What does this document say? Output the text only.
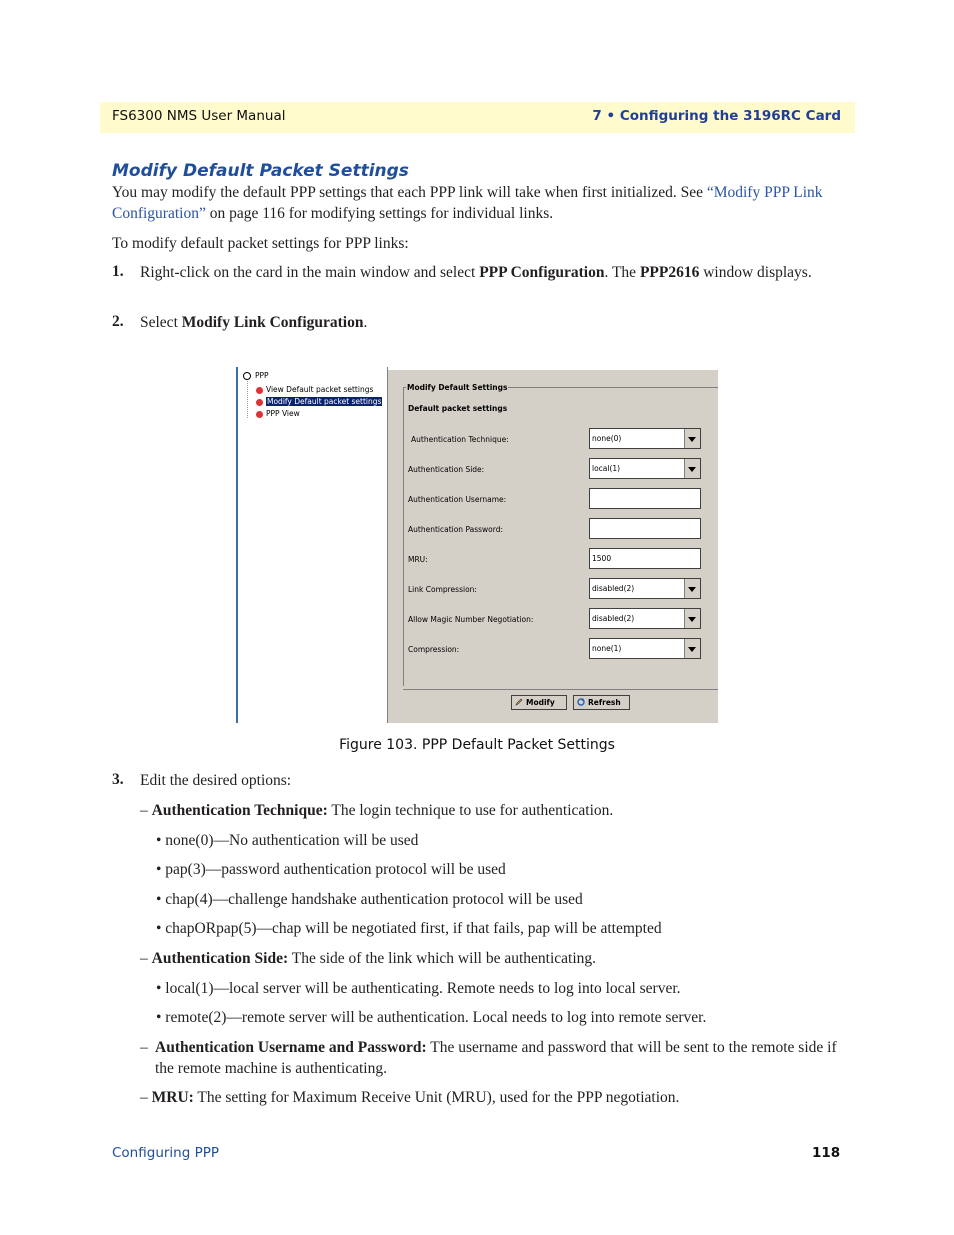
FS6300 NMS User Manual	7 • Configuring the 3196RC Card
Modify Default Packet Settings
You may modify the default PPP settings that each PPP link will take when first initialized. See “Modify PPP Link Configuration” on page 116 for modifying settings for individual links.
To modify default packet settings for PPP links:
1. Right-click on the card in the main window and select PPP Configuration. The PPP2616 window displays.
2. Select Modify Link Configuration.
PPP
View Default packet settings
Modify Default packet settings
PPP View
Modify Default Settings
Default packet settings
Authentication Technique:	none(0)
Authentication Side:	local(1)
Authentication Username:
Authentication Password:
MRU:	1500
Link Compression:	disabled(2)
Allow Magic Number Negotiation:	disabled(2)
Compression:	none(1)
Modify	Refresh
Figure 103. PPP Default Packet Settings
3. Edit the desired options:
– Authentication Technique: The login technique to use for authentication.
• none(0)—No authentication will be used
• pap(3)—password authentication protocol will be used
• chap(4)—challenge handshake authentication protocol will be used
• chapORpap(5)—chap will be negotiated first, if that fails, pap will be attempted
– Authentication Side: The side of the link which will be authenticating.
• local(1)—local server will be authenticating. Remote needs to log into local server.
• remote(2)—remote server will be authentication. Local needs to log into remote server.
– Authentication Username and Password: The username and password that will be sent to the remote side if the remote machine is authenticating.
– MRU: The setting for Maximum Receive Unit (MRU), used for the PPP negotiation.
Configuring PPP	118
